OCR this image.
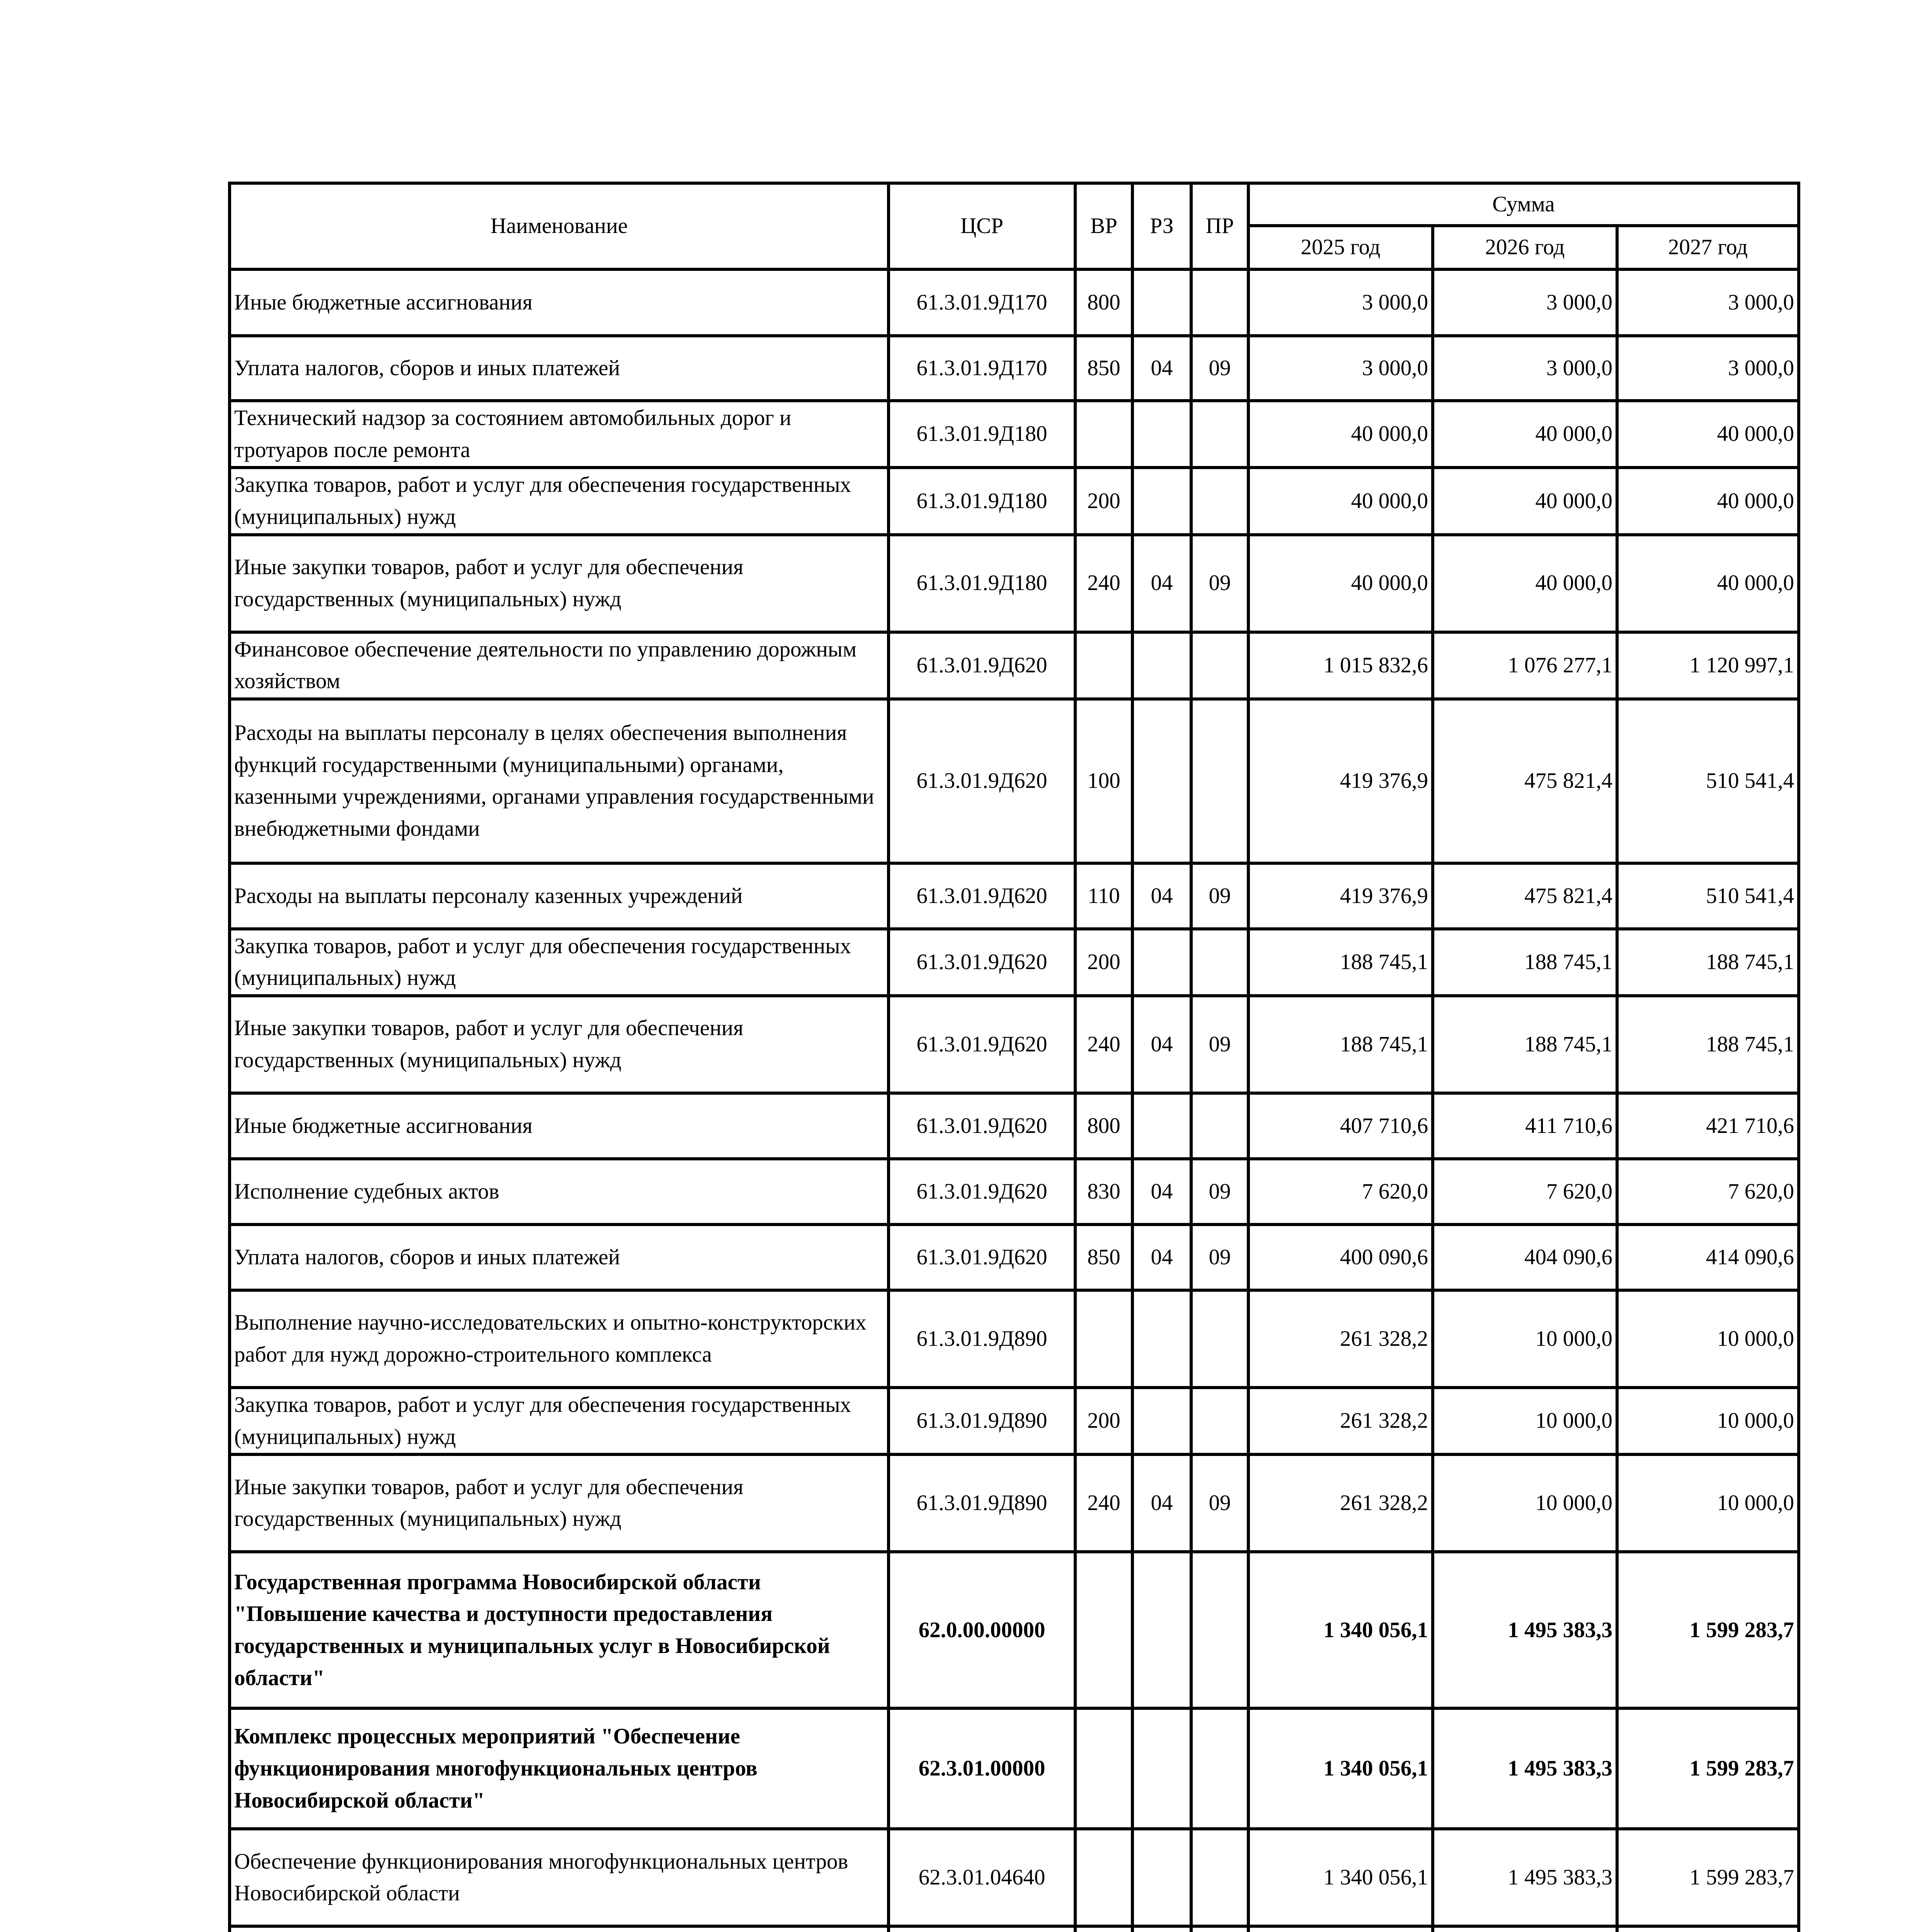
Наименование	ЦСР	ВР	РЗ	ПР	Сумма		
					2025 год	2026 год	2027 год
Иные бюджетные ассигнования	61.3.01.9Д170	800			3 000,0	3 000,0	3 000,0
Уплата налогов, сборов и иных платежей	61.3.01.9Д170	850	04	09	3 000,0	3 000,0	3 000,0
Технический надзор за состоянием автомобильных дорог и тротуаров после ремонта	61.3.01.9Д180				40 000,0	40 000,0	40 000,0
Закупка товаров, работ и услуг для обеспечения государственных (муниципальных) нужд	61.3.01.9Д180	200			40 000,0	40 000,0	40 000,0
Иные закупки товаров, работ и услуг для обеспечения государственных (муниципальных) нужд	61.3.01.9Д180	240	04	09	40 000,0	40 000,0	40 000,0
Финансовое обеспечение деятельности по управлению дорожным хозяйством	61.3.01.9Д620				1 015 832,6	1 076 277,1	1 120 997,1
Расходы на выплаты персоналу в целях обеспечения выполнения функций государственными (муниципальными) органами, казенными учреждениями, органами управления государственными внебюджетными фондами	61.3.01.9Д620	100			419 376,9	475 821,4	510 541,4
Расходы на выплаты персоналу казенных учреждений	61.3.01.9Д620	110	04	09	419 376,9	475 821,4	510 541,4
Закупка товаров, работ и услуг для обеспечения государственных (муниципальных) нужд	61.3.01.9Д620	200			188 745,1	188 745,1	188 745,1
Иные закупки товаров, работ и услуг для обеспечения государственных (муниципальных) нужд	61.3.01.9Д620	240	04	09	188 745,1	188 745,1	188 745,1
Иные бюджетные ассигнования	61.3.01.9Д620	800			407 710,6	411 710,6	421 710,6
Исполнение судебных актов	61.3.01.9Д620	830	04	09	7 620,0	7 620,0	7 620,0
Уплата налогов, сборов и иных платежей	61.3.01.9Д620	850	04	09	400 090,6	404 090,6	414 090,6
Выполнение научно-исследовательских и опытно-конструкторских работ для нужд дорожно-строительного комплекса	61.3.01.9Д890				261 328,2	10 000,0	10 000,0
Закупка товаров, работ и услуг для обеспечения государственных (муниципальных) нужд	61.3.01.9Д890	200			261 328,2	10 000,0	10 000,0
Иные закупки товаров, работ и услуг для обеспечения государственных (муниципальных) нужд	61.3.01.9Д890	240	04	09	261 328,2	10 000,0	10 000,0
Государственная программа Новосибирской области "Повышение качества и доступности предоставления государственных и муниципальных услуг в Новосибирской области"	62.0.00.00000				1 340 056,1	1 495 383,3	1 599 283,7
Комплекс процессных мероприятий "Обеспечение функционирования многофункциональных центров Новосибирской области"	62.3.01.00000				1 340 056,1	1 495 383,3	1 599 283,7
Обеспечение функционирования многофункциональных центров Новосибирской области	62.3.01.04640				1 340 056,1	1 495 383,3	1 599 283,7
